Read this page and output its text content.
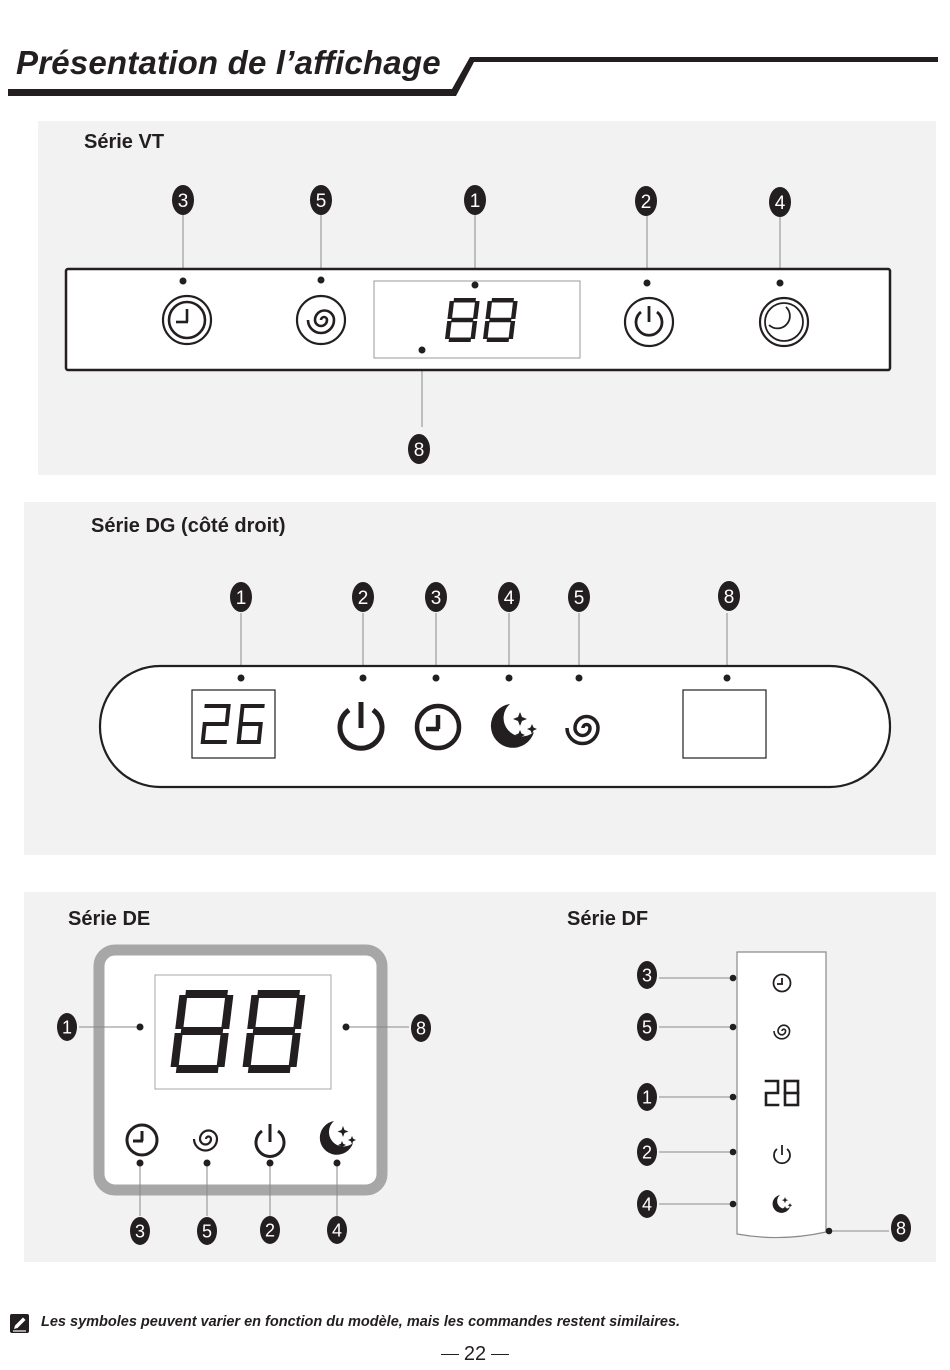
Présentation de l’affichage
Série VT
3	5	1	2	4
8
Série DG (côté droit)
1	2	3	4	5	8
Série DE	Série DF
1	8
3	5	2	4
3
5
1
2
4
8
Les symboles peuvent varier en fonction du modèle, mais les commandes restent similaires.
22
